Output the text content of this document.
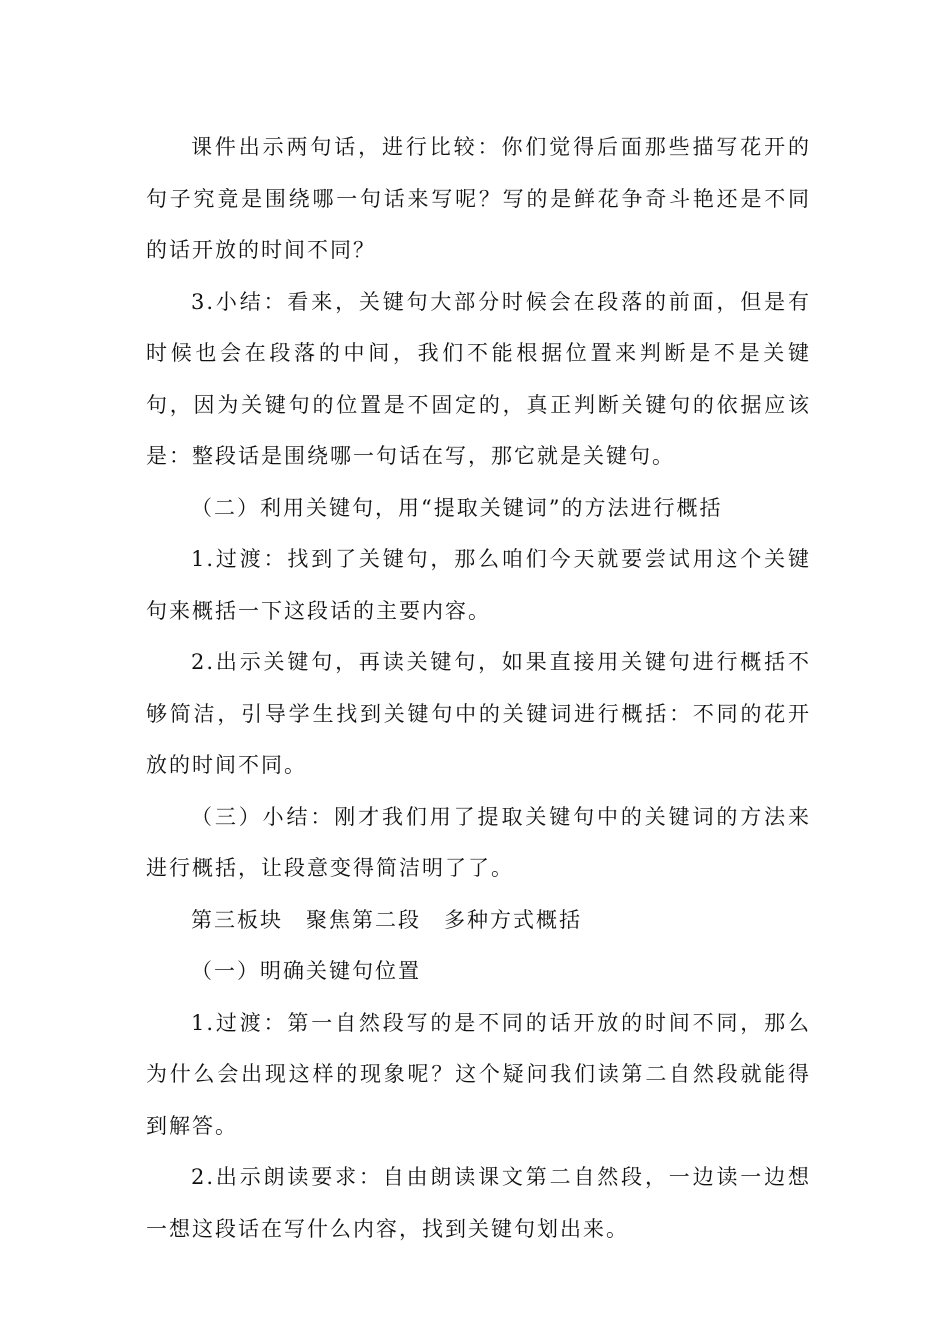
课件出示两句话，进行比较：你们觉得后面那些描写花开的句子究竟是围绕哪一句话来写呢？写的是鲜花争奇斗艳还是不同的话开放的时间不同？

3.小结：看来，关键句大部分时候会在段落的前面，但是有时候也会在段落的中间，我们不能根据位置来判断是不是关键句，因为关键句的位置是不固定的，真正判断关键句的依据应该是：整段话是围绕哪一句话在写，那它就是关键句。

（二）利用关键句，用“提取关键词”的方法进行概括

1.过渡：找到了关键句，那么咱们今天就要尝试用这个关键句来概括一下这段话的主要内容。

2.出示关键句，再读关键句，如果直接用关键句进行概括不够简洁，引导学生找到关键句中的关键词进行概括：不同的花开放的时间不同。

（三）小结：刚才我们用了提取关键句中的关键词的方法来进行概括，让段意变得简洁明了了。

第三板块　聚焦第二段　多种方式概括

（一）明确关键句位置

1.过渡：第一自然段写的是不同的话开放的时间不同，那么为什么会出现这样的现象呢？这个疑问我们读第二自然段就能得到解答。

2.出示朗读要求：自由朗读课文第二自然段，一边读一边想一想这段话在写什么内容，找到关键句划出来。
